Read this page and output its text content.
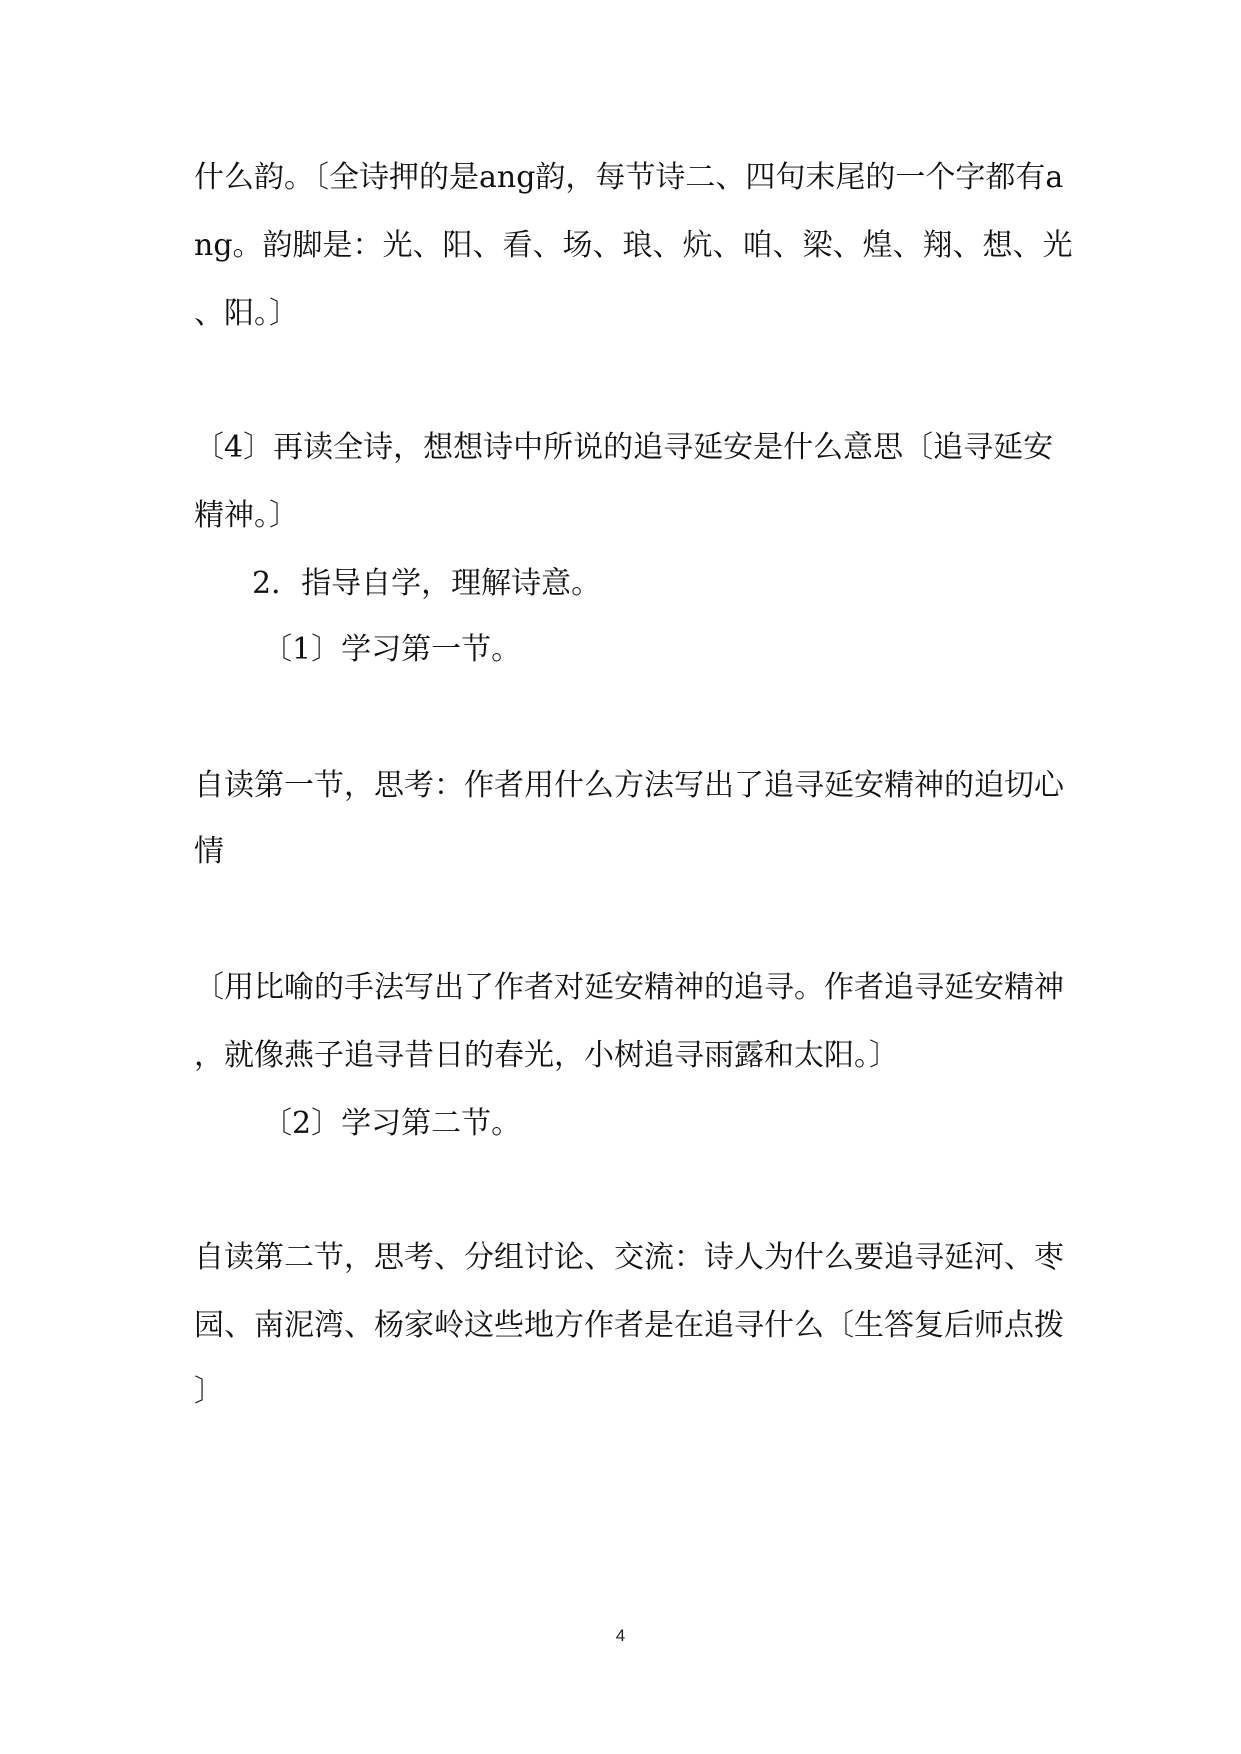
什么韵。〔全诗押的是ang韵，每节诗二、四句末尾的一个字都有a
ng。韵脚是：光、阳、看、场、琅、炕、咱、梁、煌、翔、想、光
、阳。〕
〔4〕再读全诗，想想诗中所说的追寻延安是什么意思〔追寻延安
精神。〕
2．指导自学，理解诗意。
〔1〕学习第一节。
自读第一节，思考：作者用什么方法写出了追寻延安精神的迫切心
情
〔用比喻的手法写出了作者对延安精神的追寻。作者追寻延安精神
，就像燕子追寻昔日的春光，小树追寻雨露和太阳。〕
〔2〕学习第二节。
自读第二节，思考、分组讨论、交流：诗人为什么要追寻延河、枣
园、南泥湾、杨家岭这些地方作者是在追寻什么〔生答复后师点拨
〕
4
